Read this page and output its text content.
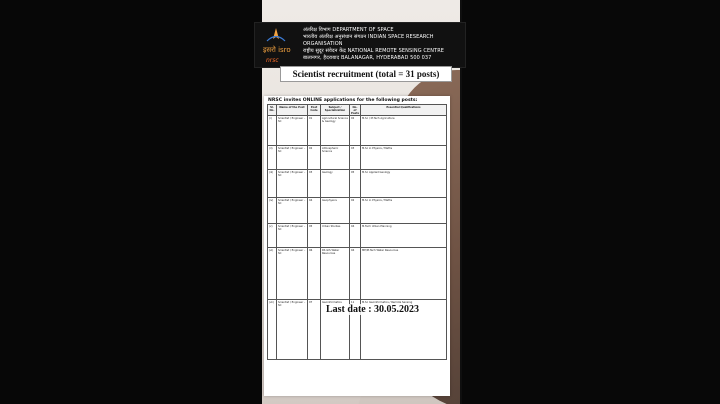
इसरो isro
nrsc
अंतरिक्ष विभाग DEPARTMENT OF SPACE
भारतीय अंतरिक्ष अनुसंधान संगठन INDIAN SPACE RESEARCH ORGANISATION
राष्ट्रीय सुदूर संवेदन केंद्र NATIONAL REMOTE SENSING CENTRE
बालानगर, हैदराबाद BALANAGAR, HYDERABAD 500 037
Scientist recruitment (total = 31 posts)
NRSC invites ONLINE applications for the following posts:
Sl. No.	Name of the Post	Post Code	Subject / Specialization	No. of Posts	Essential Qualifications
(i)	Scientist / Engineer – SC	01	Agricultural Science & Geology	02	M.Sc / M.Tech Agriculture
(ii)	Scientist / Engineer – SC	02	Atmospheric Science	03	M.Sc in Physics / Maths
(iii)	Scientist / Engineer – SC	03	Geology	05	M.Sc Applied Geology
(iv)	Scientist / Engineer – SC	04	Geophysics	02	M.Sc in Physics / Maths
(v)	Scientist / Engineer – SC	05	Urban Studies	04	M.Tech Urban Planning
(vi)	Scientist / Engineer – SC	06	RS GIS Water Resources	04	ME/M.Tech Water Resources
(vii)	Scientist / Engineer – SC	07	Geoinformatics	11	M.Sc Geoinformatics / Remote Sensing
Last date : 30.05.2023
